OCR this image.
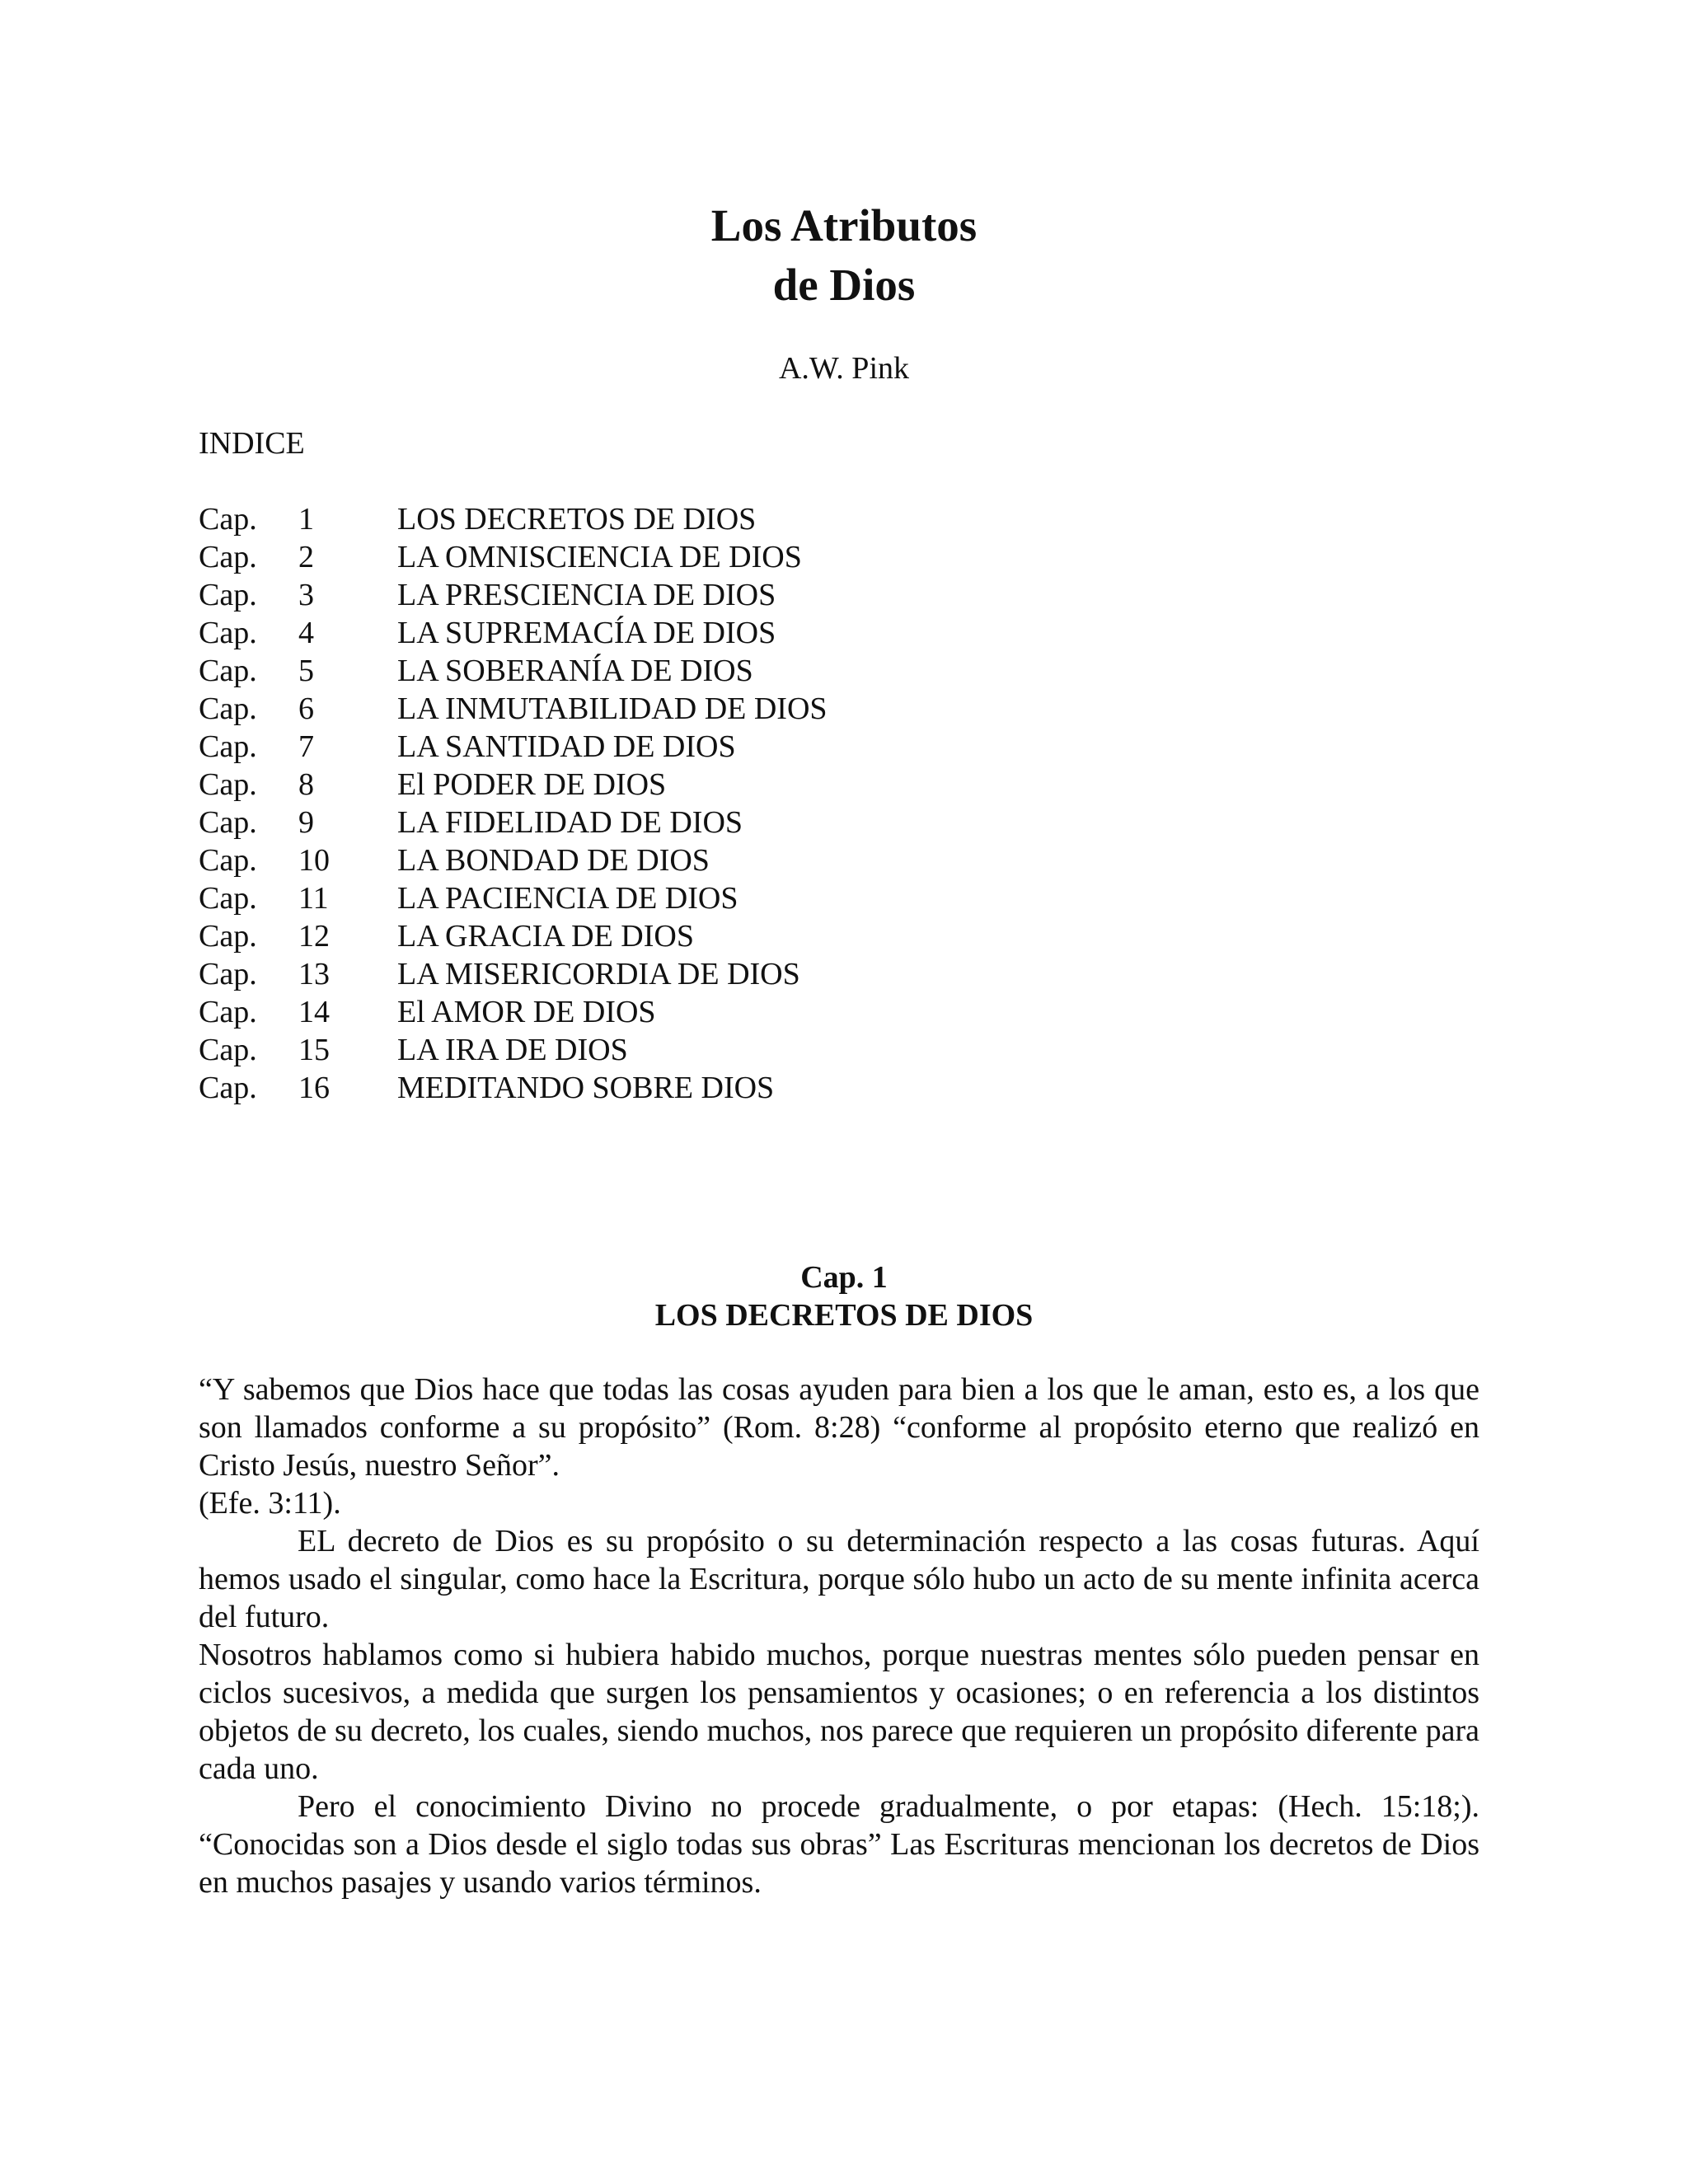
Los Atributos
de Dios

A.W. Pink

INDICE

Cap. 1	LOS DECRETOS DE DIOS
Cap. 2	LA OMNISCIENCIA DE DIOS
Cap. 3	LA PRESCIENCIA DE DIOS
Cap. 4	LA SUPREMACÍA DE DIOS
Cap. 5	LA SOBERANÍA DE DIOS
Cap. 6	LA INMUTABILIDAD DE DIOS
Cap. 7	LA SANTIDAD DE DIOS
Cap. 8	El PODER DE DIOS
Cap. 9	LA FIDELIDAD DE DIOS
Cap. 10 LA BONDAD DE DIOS
Cap. 11 LA PACIENCIA DE DIOS
Cap. 12 LA GRACIA DE DIOS
Cap. 13 LA MISERICORDIA DE DIOS
Cap. 14 El AMOR DE DIOS
Cap. 15 LA IRA DE DIOS
Cap. 16 MEDITANDO SOBRE DIOS
Cap. 1
LOS DECRETOS DE DIOS

“Y sabemos que Dios hace que todas las cosas ayuden para bien a los que le aman, esto es, a los que son llamados conforme a su propósito” (Rom. 8:28) “conforme al propósito eterno que realizó en Cristo Jesús, nuestro Señor”.

(Efe. 3:11).

EL decreto de Dios es su propósito o su determinación respecto a las cosas futuras. Aquí hemos usado el singular, como hace la Escritura, porque sólo hubo un acto de su mente infinita acerca del futuro.

Nosotros hablamos como si hubiera habido muchos, porque nuestras mentes sólo pueden pensar en ciclos sucesivos, a medida que surgen los pensamientos y ocasiones; o en referencia a los distintos objetos de su decreto, los cuales, siendo muchos, nos parece que requieren un propósito diferente para cada uno.

Pero el conocimiento Divino no procede gradualmente, o por etapas: (Hech. 15:18;). “Conocidas son a Dios desde el siglo todas sus obras” Las Escrituras mencionan los decretos de Dios en muchos pasajes y usando varios términos.
